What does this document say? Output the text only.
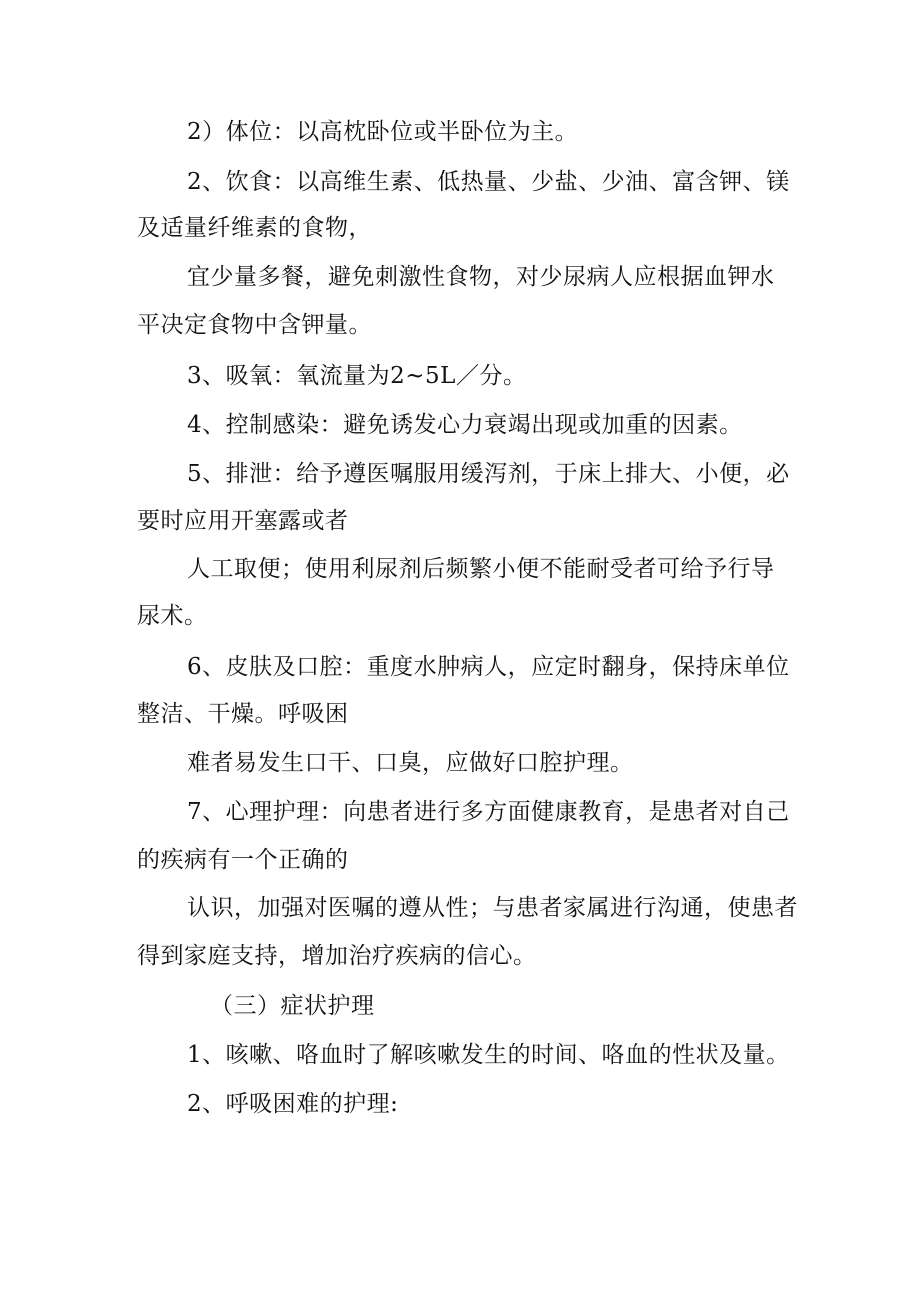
2）体位：以高枕卧位或半卧位为主。
2、饮食：以高维生素、低热量、少盐、少油、富含钾、镁
及适量纤维素的食物，
宜少量多餐，避免刺激性食物，对少尿病人应根据血钾水
平决定食物中含钾量。
3、吸氧：氧流量为2~5L／分。
4、控制感染：避免诱发心力衰竭出现或加重的因素。
5、排泄：给予遵医嘱服用缓泻剂，于床上排大、小便，必
要时应用开塞露或者
人工取便；使用利尿剂后频繁小便不能耐受者可给予行导
尿术。
6、皮肤及口腔：重度水肿病人，应定时翻身，保持床单位
整洁、干燥。呼吸困
难者易发生口干、口臭，应做好口腔护理。
7、心理护理：向患者进行多方面健康教育，是患者对自己
的疾病有一个正确的
认识，加强对医嘱的遵从性；与患者家属进行沟通，使患者
得到家庭支持，增加治疗疾病的信心。
（三）症状护理
1、咳嗽、咯血时了解咳嗽发生的时间、咯血的性状及量。
2、呼吸困难的护理:
